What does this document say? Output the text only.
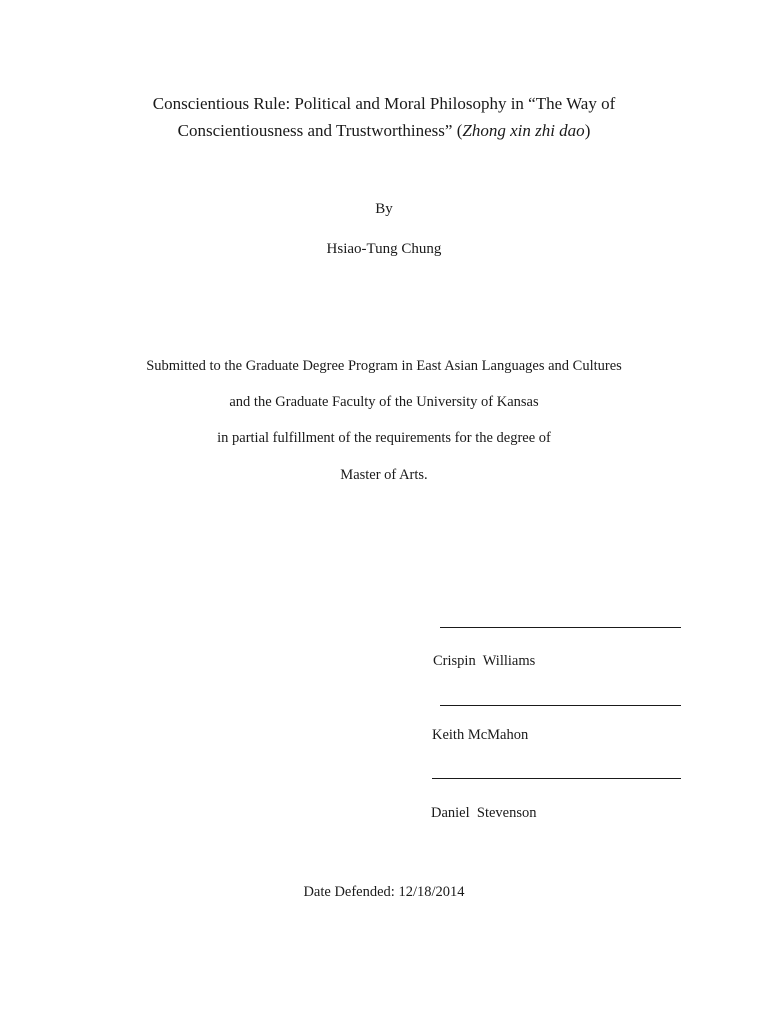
Conscientious Rule: Political and Moral Philosophy in “The Way of
Conscientiousness and Trustworthiness” (Zhong xin zhi dao)
By
Hsiao-Tung Chung
Submitted to the Graduate Degree Program in East Asian Languages and Cultures
and the Graduate Faculty of the University of Kansas
in partial fulfillment of the requirements for the degree of
Master of Arts.
Crispin  Williams
Keith McMahon
Daniel  Stevenson
Date Defended: 12/18/2014
